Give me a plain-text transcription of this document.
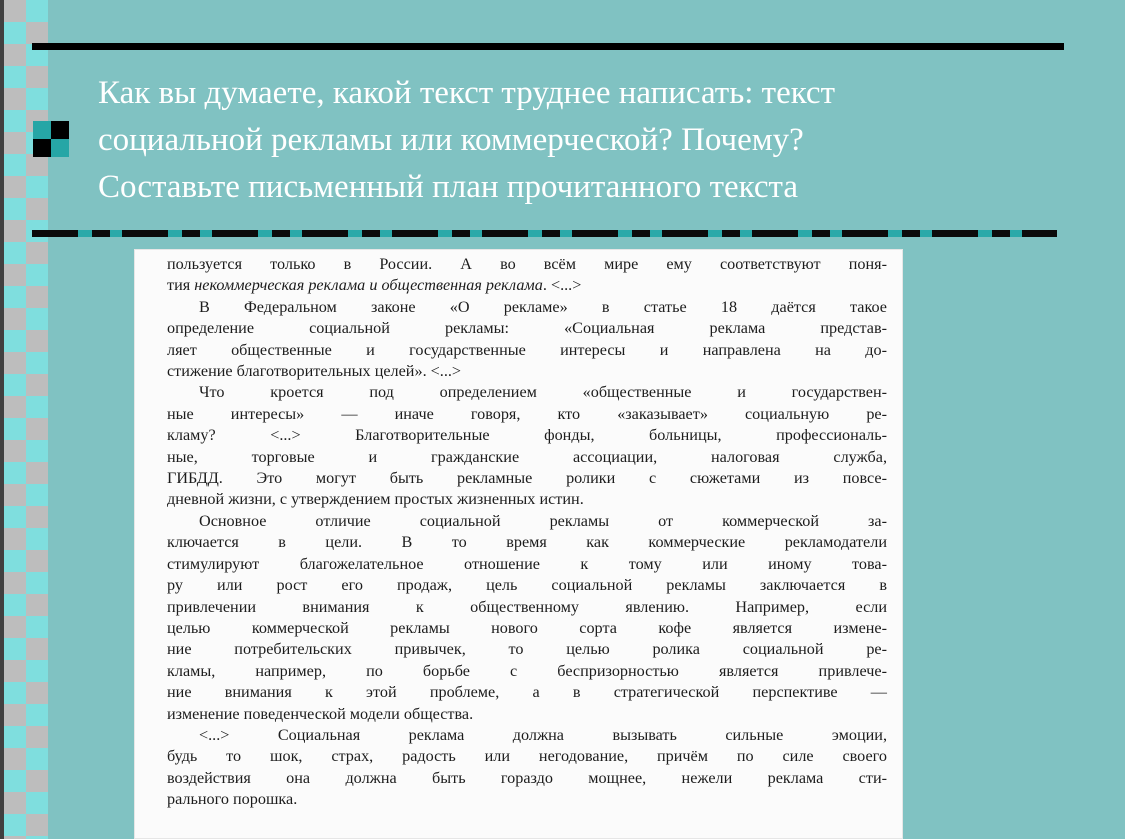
Как вы думаете, какой текст труднее написать: текст
социальной рекламы или коммерческой? Почему?
Составьте письменный план прочитанного текста
пользуется только в России. А во всём мире ему соответствуют поня-
тия некоммерческая реклама и общественная реклама. <...>
В Федеральном законе «О рекламе» в статье 18 даётся такое
определение социальной рекламы: «Социальная реклама представ-
ляет общественные и государственные интересы и направлена на до-
стижение благотворительных целей». <...>
Что кроется под определением «общественные и государствен-
ные интересы» — иначе говоря, кто «заказывает» социальную ре-
кламу? <...> Благотворительные фонды, больницы, профессиональ-
ные, торговые и гражданские ассоциации, налоговая служба,
ГИБДД. Это могут быть рекламные ролики с сюжетами из повсе-
дневной жизни, с утверждением простых жизненных истин.
Основное отличие социальной рекламы от коммерческой за-
ключается в цели. В то время как коммерческие рекламодатели
стимулируют благожелательное отношение к тому или иному това-
ру или рост его продаж, цель социальной рекламы заключается в
привлечении внимания к общественному явлению. Например, если
целью коммерческой рекламы нового сорта кофе является измене-
ние потребительских привычек, то целью ролика социальной ре-
кламы, например, по борьбе с беспризорностью является привлече-
ние внимания к этой проблеме, а в стратегической перспективе —
изменение поведенческой модели общества.
<...> Социальная реклама должна вызывать сильные эмоции,
будь то шок, страх, радость или негодование, причём по силе своего
воздействия она должна быть гораздо мощнее, нежели реклама сти-
рального порошка.
